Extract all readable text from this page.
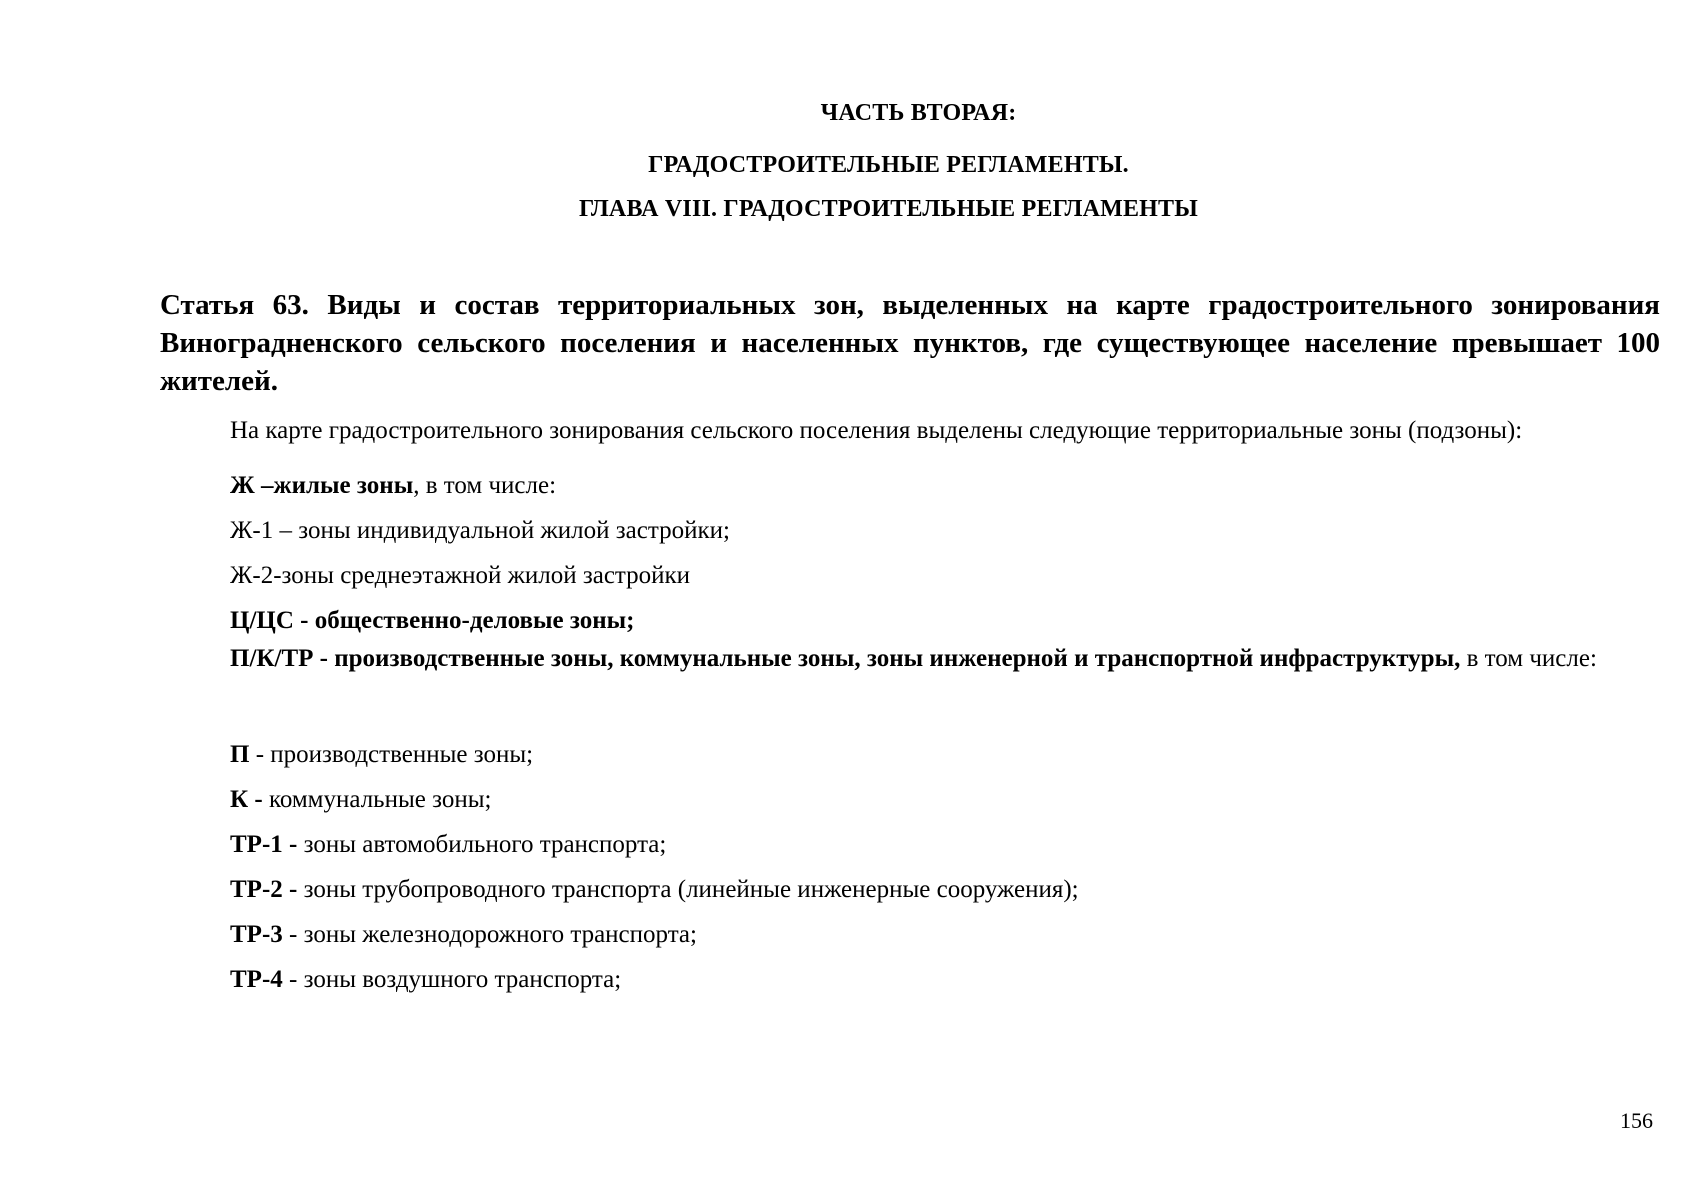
ЧАСТЬ ВТОРАЯ:
ГРАДОСТРОИТЕЛЬНЫЕ РЕГЛАМЕНТЫ.
ГЛАВА VIII. ГРАДОСТРОИТЕЛЬНЫЕ РЕГЛАМЕНТЫ
Статья 63. Виды и состав территориальных зон, выделенных на карте градостроительного зонирования Виноградненского сельского поселения и населенных пунктов, где существующее население превышает 100 жителей.
На карте градостроительного зонирования сельского поселения выделены следующие территориальные зоны (подзоны):
Ж –жилые зоны, в том числе:
Ж-1 – зоны индивидуальной жилой застройки;
Ж-2-зоны среднеэтажной жилой застройки
Ц/ЦС - общественно-деловые зоны;
П/К/ТР - производственные зоны, коммунальные зоны, зоны инженерной и транспортной инфраструктуры, в том числе:
П - производственные зоны;
К - коммунальные зоны;
ТР-1 - зоны автомобильного транспорта;
ТР-2 - зоны трубопроводного транспорта (линейные инженерные сооружения);
ТР-3 - зоны железнодорожного транспорта;
ТР-4 - зоны воздушного транспорта;
156
